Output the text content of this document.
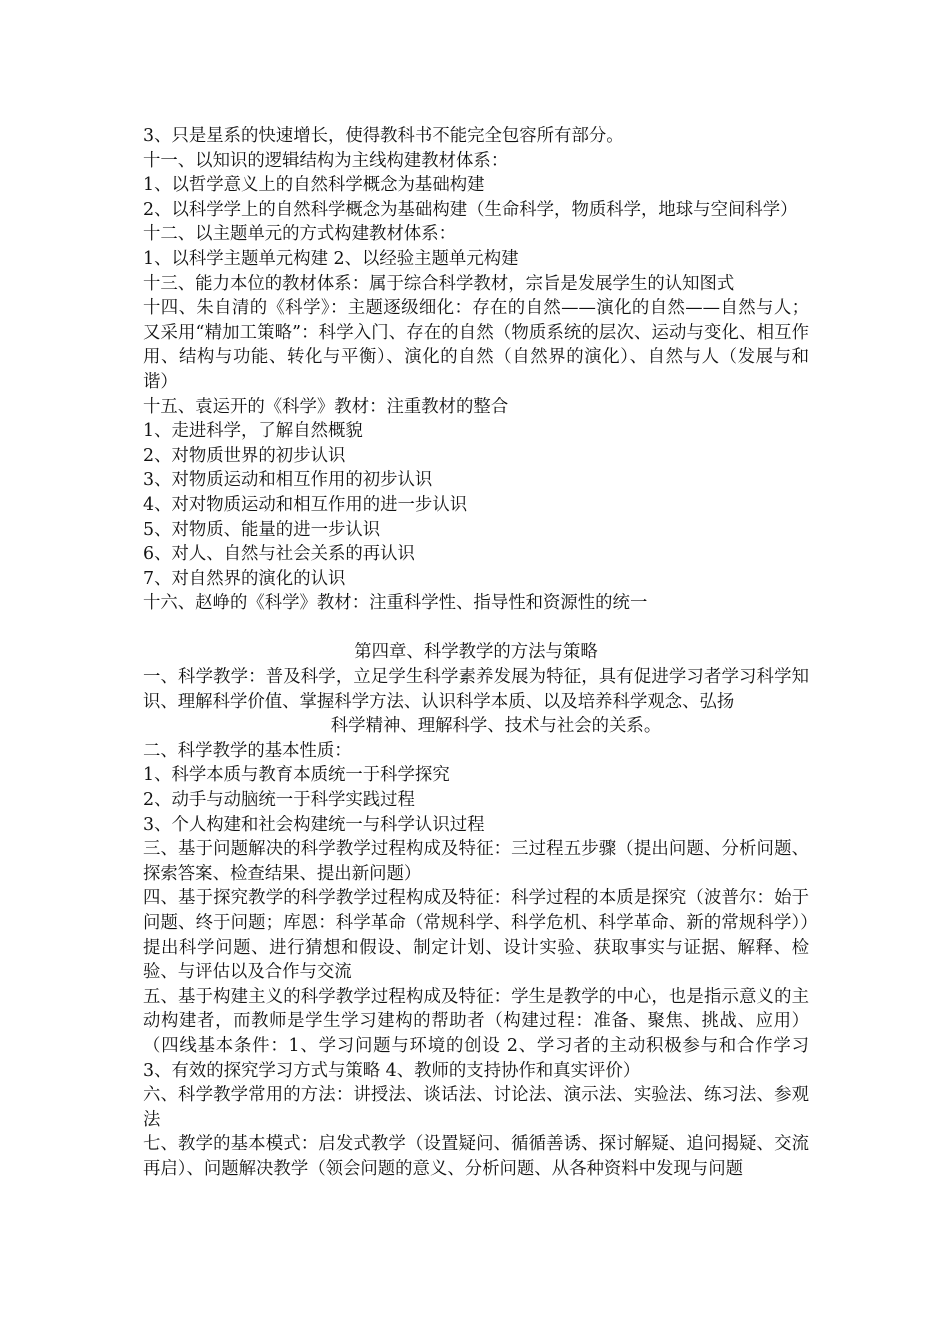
3、只是星系的快速增长，使得教科书不能完全包容所有部分。

十一、以知识的逻辑结构为主线构建教材体系：

1、以哲学意义上的自然科学概念为基础构建

2、以科学学上的自然科学概念为基础构建（生命科学，物质科学，地球与空间科学）

十二、以主题单元的方式构建教材体系：

1、以科学主题单元构建 2、以经验主题单元构建

十三、能力本位的教材体系：属于综合科学教材，宗旨是发展学生的认知图式

十四、朱自清的《科学》：主题逐级细化：存在的自然——演化的自然——自然与人；又采用“精加工策略”：科学入门、存在的自然（物质系统的层次、运动与变化、相互作用、结构与功能、转化与平衡）、演化的自然（自然界的演化）、自然与人（发展与和谐）

十五、袁运开的《科学》教材：注重教材的整合

1、走进科学，了解自然概貌

2、对物质世界的初步认识

3、对物质运动和相互作用的初步认识

4、对对物质运动和相互作用的进一步认识

5、对物质、能量的进一步认识

6、对人、自然与社会关系的再认识

7、对自然界的演化的认识

十六、赵峥的《科学》教材：注重科学性、指导性和资源性的统一

第四章、科学教学的方法与策略

一、科学教学：普及科学，立足学生科学素养发展为特征，具有促进学习者学习科学知识、理解科学价值、掌握科学方法、认识科学本质、以及培养科学观念、弘扬

科学精神、理解科学、技术与社会的关系。

二、科学教学的基本性质：

1、科学本质与教育本质统一于科学探究

2、动手与动脑统一于科学实践过程

3、个人构建和社会构建统一与科学认识过程

三、基于问题解决的科学教学过程构成及特征：三过程五步骤（提出问题、分析问题、探索答案、检查结果、提出新问题）

四、基于探究教学的科学教学过程构成及特征：科学过程的本质是探究（波普尔：始于问题、终于问题；库恩：科学革命（常规科学、科学危机、科学革命、新的常规科学））提出科学问题、进行猜想和假设、制定计划、设计实验、获取事实与证据、解释、检验、与评估以及合作与交流

五、基于构建主义的科学教学过程构成及特征：学生是教学的中心，也是指示意义的主动构建者，而教师是学生学习建构的帮助者（构建过程：准备、聚焦、挑战、应用）（四线基本条件：1、学习问题与环境的创设 2、学习者的主动积极参与和合作学习 3、有效的探究学习方式与策略 4、教师的支持协作和真实评价）

六、科学教学常用的方法：讲授法、谈话法、讨论法、演示法、实验法、练习法、参观法

七、教学的基本模式：启发式教学（设置疑问、循循善诱、探讨解疑、追问揭疑、交流再启）、问题解决教学（领会问题的意义、分析问题、从各种资料中发现与问题
